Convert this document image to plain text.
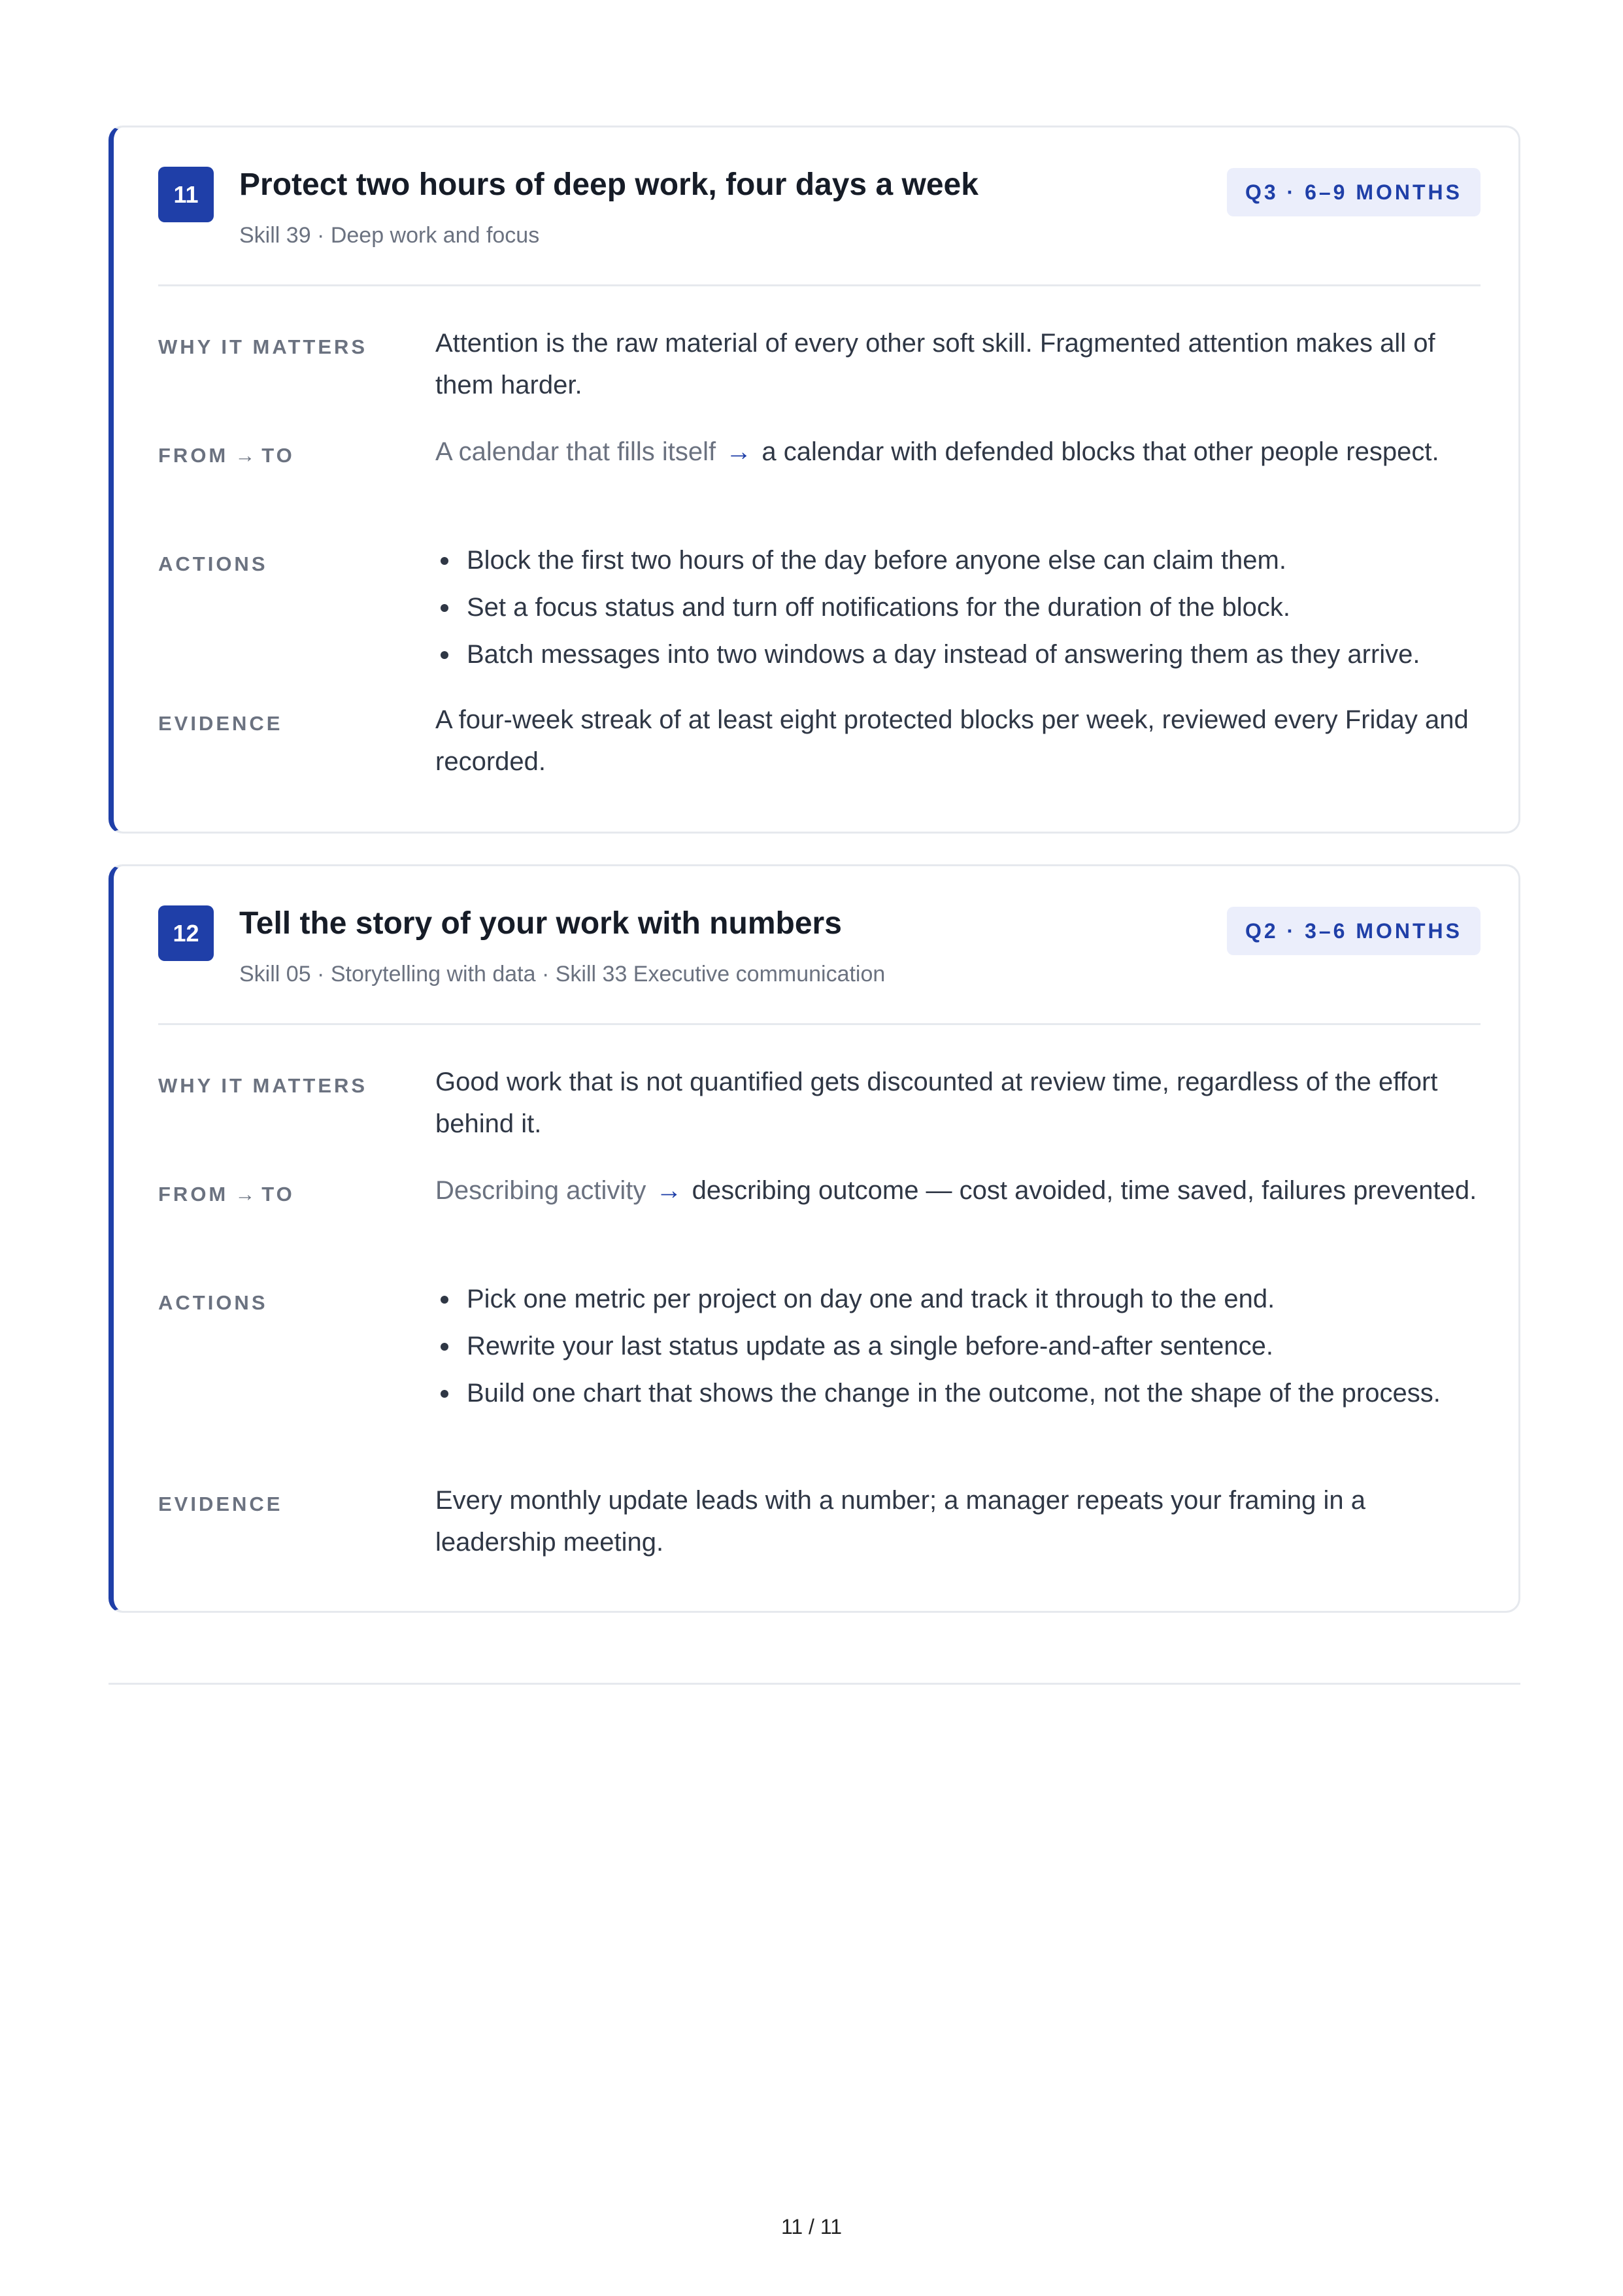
11	Protect two hours of deep work, four days a week
Skill 39 · Deep work and focus
Q3 · 6–9 MONTHS
WHY IT MATTERS	Attention is the raw material of every other soft skill. Fragmented attention makes all of them harder.
FROM → TO	A calendar that fills itself → a calendar with defended blocks that other people respect.
ACTIONS	Block the first two hours of the day before anyone else can claim them.
Set a focus status and turn off notifications for the duration of the block.
Batch messages into two windows a day instead of answering them as they arrive.
EVIDENCE	A four-week streak of at least eight protected blocks per week, reviewed every Friday and recorded.
12	Tell the story of your work with numbers
Skill 05 · Storytelling with data · Skill 33 Executive communication
Q2 · 3–6 MONTHS
WHY IT MATTERS	Good work that is not quantified gets discounted at review time, regardless of the effort behind it.
FROM → TO	Describing activity → describing outcome — cost avoided, time saved, failures prevented.
ACTIONS	Pick one metric per project on day one and track it through to the end.
Rewrite your last status update as a single before-and-after sentence.
Build one chart that shows the change in the outcome, not the shape of the process.
EVIDENCE	Every monthly update leads with a number; a manager repeats your framing in a leadership meeting.
11 / 11
